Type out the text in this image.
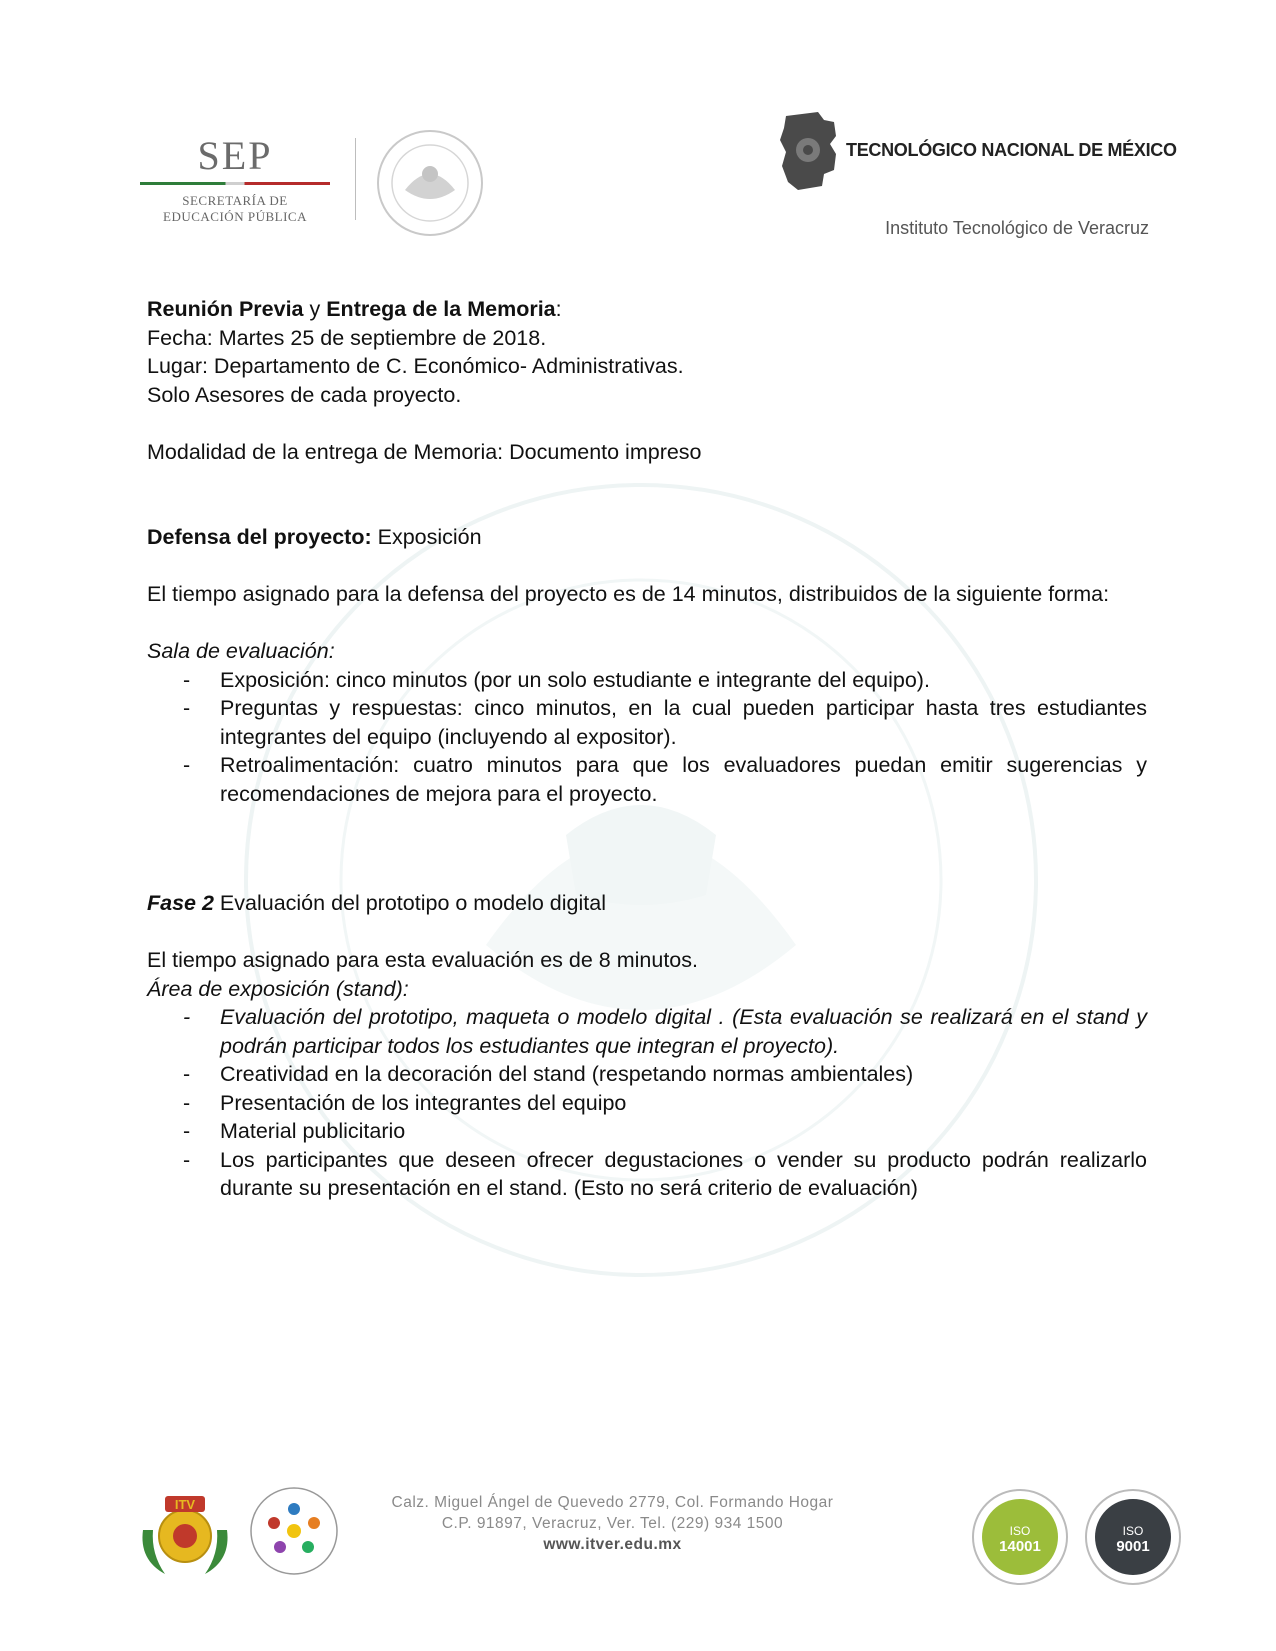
SEP
SECRETARÍA DE
EDUCACIÓN PÚBLICA
TECNOLÓGICO NACIONAL DE MÉXICO
Instituto Tecnológico de Veracruz

Reunión Previa y Entrega de la Memoria:

Fecha: Martes 25 de septiembre de 2018.

Lugar: Departamento de C. Económico- Administrativas.

Solo Asesores de cada proyecto.

Modalidad de la entrega de Memoria: Documento impreso

Defensa del proyecto: Exposición

El tiempo asignado para la defensa del proyecto es de 14 minutos, distribuidos de la siguiente forma:

Sala de evaluación:

- Exposición: cinco minutos (por un solo estudiante e integrante del equipo).
- Preguntas y respuestas: cinco minutos, en la cual pueden participar hasta tres estudiantes integrantes del equipo (incluyendo al expositor).
- Retroalimentación: cuatro minutos para que los evaluadores puedan emitir sugerencias y recomendaciones de mejora para el proyecto.

Fase 2 Evaluación del prototipo o modelo digital

El tiempo asignado para esta evaluación es de 8 minutos.

Área de exposición (stand):

- Evaluación del prototipo, maqueta o modelo digital . (Esta evaluación se realizará en el stand y podrán participar todos los estudiantes que integran el proyecto).
- Creatividad en la decoración del stand (respetando normas ambientales)
- Presentación de los integrantes del equipo
- Material publicitario
- Los participantes que deseen ofrecer degustaciones o vender su producto podrán realizarlo durante su presentación en el stand. (Esto no será criterio de evaluación)
ITV	Calz. Miguel Ángel de Quevedo 2779, Col. Formando Hogar
C.P. 91897, Veracruz, Ver. Tel. (229) 934 1500
www.itver.edu.mx
ISO
14001
ISO
9001
